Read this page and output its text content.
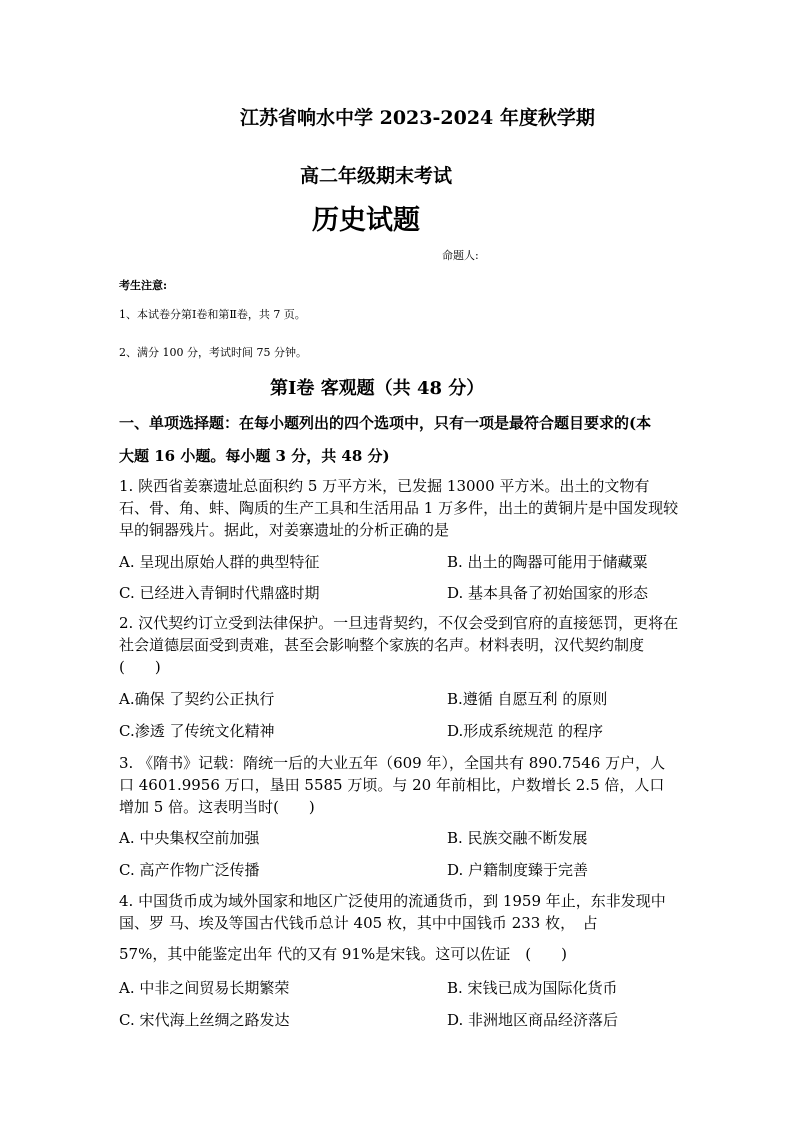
江苏省响水中学 2023-2024 年度秋学期
高二年级期末考试
历史试题
命题人:
考生注意:
1、本试卷分第Ⅰ卷和第Ⅱ卷，共 7 页。
2、满分 100 分，考试时间 75 分钟。
第Ⅰ卷 客观题（共 48 分）
一、单项选择题：在每小题列出的四个选项中，只有一项是最符合题目要求的(本
大题 16 小题。每小题 3 分，共 48 分)
1. 陕西省姜寨遗址总面积约 5 万平方米，已发掘 13000 平方米。出土的文物有石、骨、角、蚌、陶质的生产工具和生活用品 1 万多件，出土的黄铜片是中国发现较早的铜器残片。据此，对姜寨遗址的分析正确的是
A. 呈现出原始人群的典型特征	B. 出土的陶器可能用于储藏粟
C. 已经进入青铜时代鼎盛时期	D. 基本具备了初始国家的形态
2. 汉代契约订立受到法律保护。一旦违背契约，不仅会受到官府的直接惩罚，更将在社会道德层面受到责难，甚至会影响整个家族的名声。材料表明，汉代契约制度(　　)
A.确保 了契约公正执行	B.遵循 自愿互利 的原则
C.渗透 了传统文化精神	D.形成系统规范 的程序
3. 《隋书》记载：隋统一后的大业五年（609 年），全国共有 890.7546 万户，人口 4601.9956 万口，垦田 5585 万顷。与 20 年前相比，户数增长 2.5 倍，人口增加 5 倍。这表明当时(　　)
A. 中央集权空前加强	B. 民族交融不断发展
C. 高产作物广泛传播	D. 户籍制度臻于完善
4. 中国货币成为域外国家和地区广泛使用的流通货币，到 1959 年止，东非发现中国、罗 马、埃及等国古代钱币总计 405 枚，其中中国钱币 233 枚，　占
57%，其中能鉴定出年 代的又有 91%是宋钱。这可以佐证　(　　)
A. 中非之间贸易长期繁荣	B. 宋钱已成为国际化货币
C. 宋代海上丝绸之路发达	D. 非洲地区商品经济落后
